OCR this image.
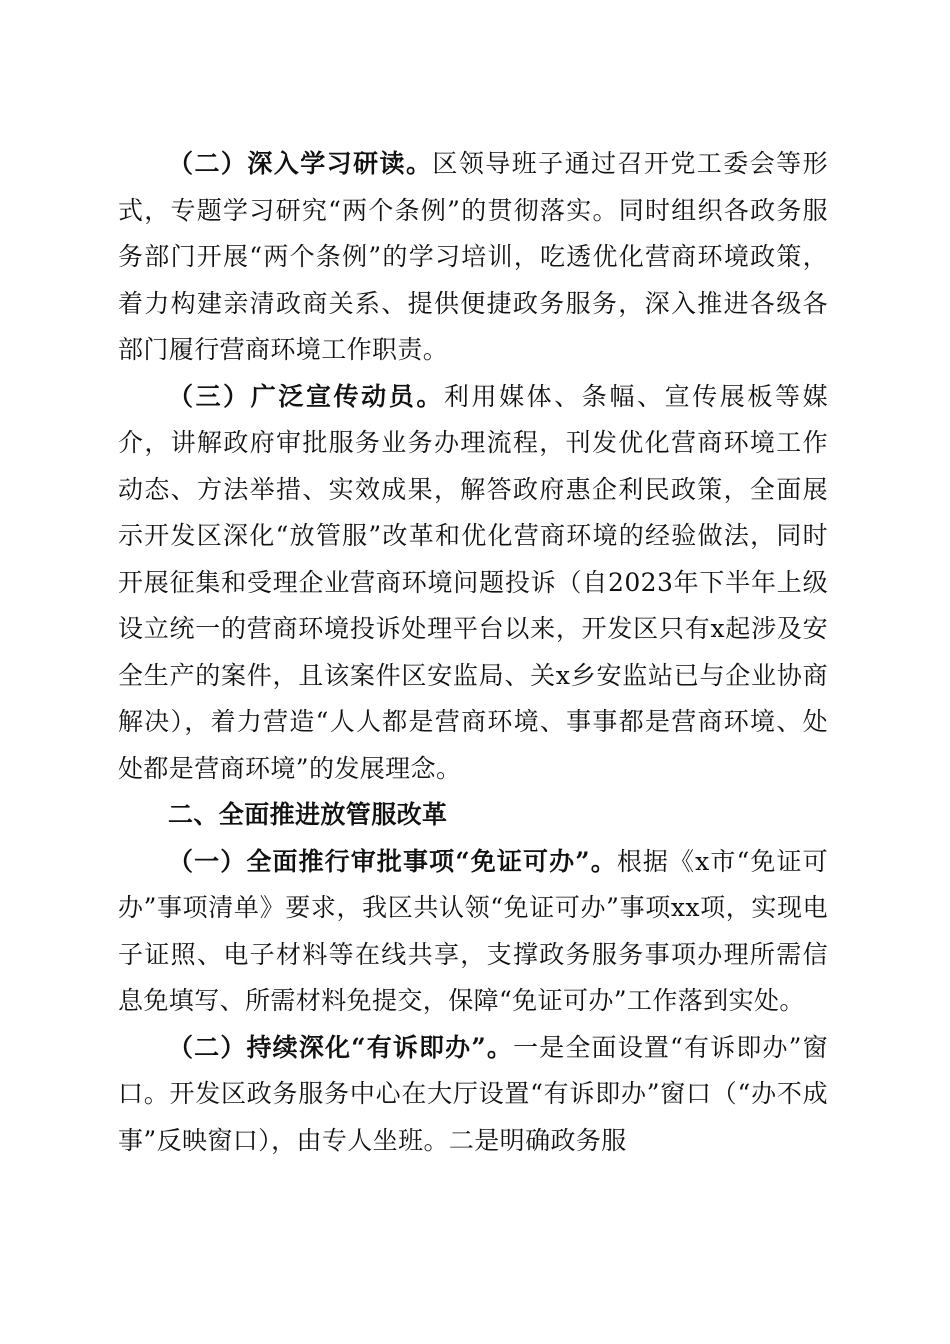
（二）深入学习研读。区领导班子通过召开党工委会等形式，专题学习研究“两个条例”的贯彻落实。同时组织各政务服务部门开展“两个条例”的学习培训，吃透优化营商环境政策，着力构建亲清政商关系、提供便捷政务服务，深入推进各级各部门履行营商环境工作职责。

（三）广泛宣传动员。利用媒体、条幅、宣传展板等媒介，讲解政府审批服务业务办理流程，刊发优化营商环境工作动态、方法举措、实效成果，解答政府惠企利民政策，全面展示开发区深化“放管服”改革和优化营商环境的经验做法，同时开展征集和受理企业营商环境问题投诉（自2023年下半年上级设立统一的营商环境投诉处理平台以来，开发区只有x起涉及安全生产的案件，且该案件区安监局、关x乡安监站已与企业协商解决），着力营造“人人都是营商环境、事事都是营商环境、处处都是营商环境”的发展理念。

二、全面推进放管服改革

（一）全面推行审批事项“免证可办”。根据《x市“免证可办”事项清单》要求，我区共认领“免证可办”事项xx项，实现电子证照、电子材料等在线共享，支撑政务服务事项办理所需信息免填写、所需材料免提交，保障“免证可办”工作落到实处。

（二）持续深化“有诉即办”。一是全面设置“有诉即办”窗口。开发区政务服务中心在大厅设置“有诉即办”窗口（“办不成事”反映窗口），由专人坐班。二是明确政务服
